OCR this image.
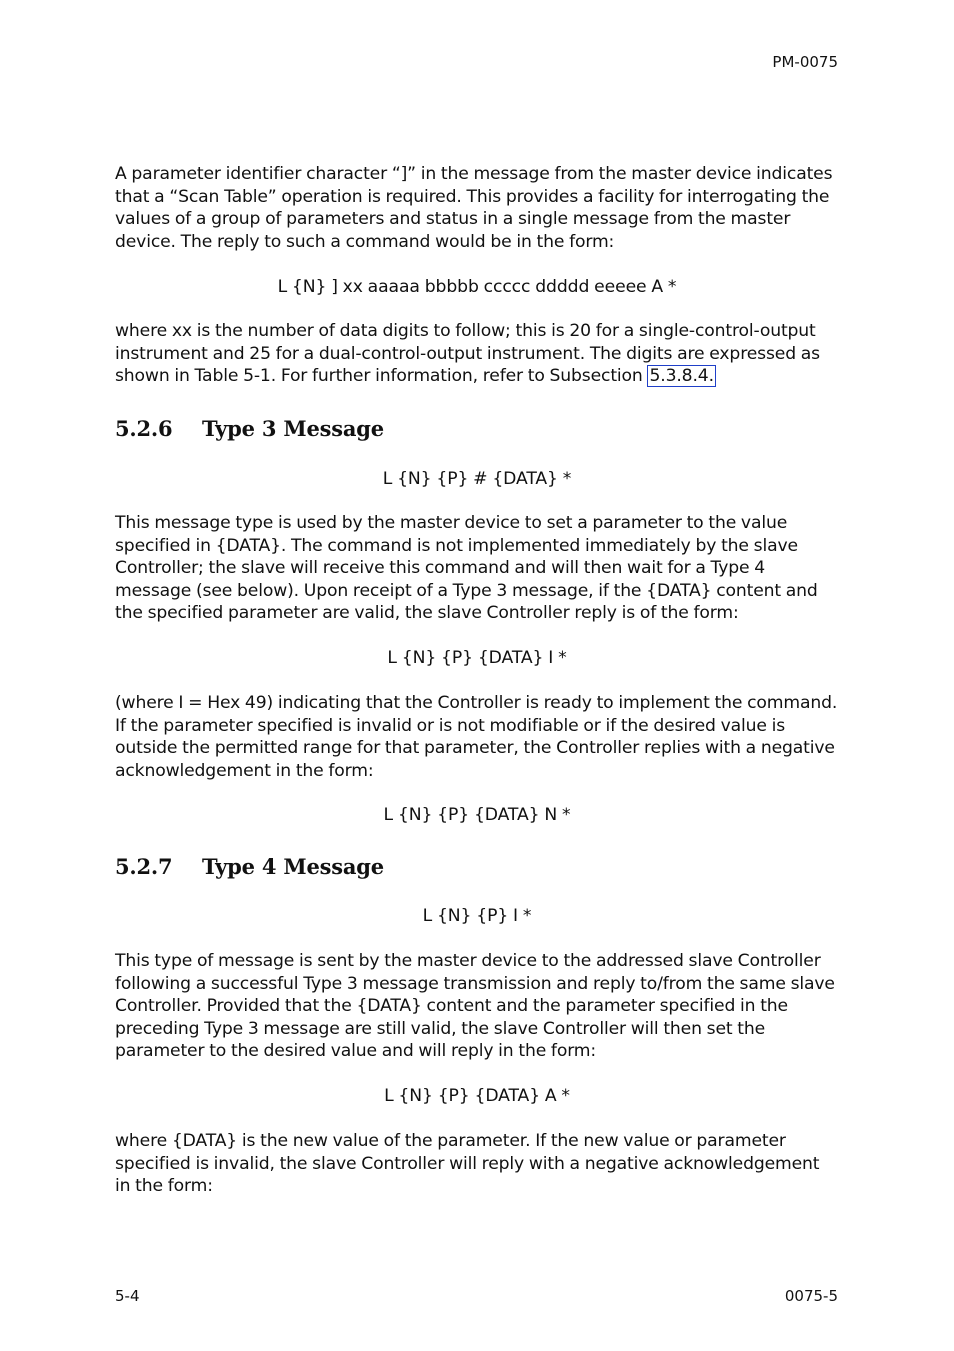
PM-0075

A parameter identifier character “]” in the message from the master device indicates that a “Scan Table” operation is required. This provides a facility for interrogating the values of a group of parameters and status in a single message from the master device. The reply to such a command would be in the form:

L {N} ] xx aaaaa bbbbb ccccc ddddd eeeee A *

where xx is the number of data digits to follow; this is 20 for a single-control-output instrument and 25 for a dual-control-output instrument. The digits are expressed as shown in Table 5-1. For further information, refer to Subsection 5.3.8.4.

5.2.6 Type 3 Message
L {N} {P} # {DATA} *

This message type is used by the master device to set a parameter to the value specified in {DATA}. The command is not implemented immediately by the slave Controller; the slave will receive this command and will then wait for a Type 4 message (see below). Upon receipt of a Type 3 message, if the {DATA} content and the specified parameter are valid, the slave Controller reply is of the form:

L {N} {P} {DATA} I *

(where I = Hex 49) indicating that the Controller is ready to implement the command. If the parameter specified is invalid or is not modifiable or if the desired value is outside the permitted range for that parameter, the Controller replies with a negative acknowledgement in the form:

L {N} {P} {DATA} N *
5.2.7 Type 4 Message
L {N} {P} I *

This type of message is sent by the master device to the addressed slave Controller following a successful Type 3 message transmission and reply to/from the same slave Controller. Provided that the {DATA} content and the parameter specified in the preceding Type 3 message are still valid, the slave Controller will then set the parameter to the desired value and will reply in the form:

L {N} {P} {DATA} A *

where {DATA} is the new value of the parameter. If the new value or parameter specified is invalid, the slave Controller will reply with a negative acknowledgement in the form:

5-4	0075-5
